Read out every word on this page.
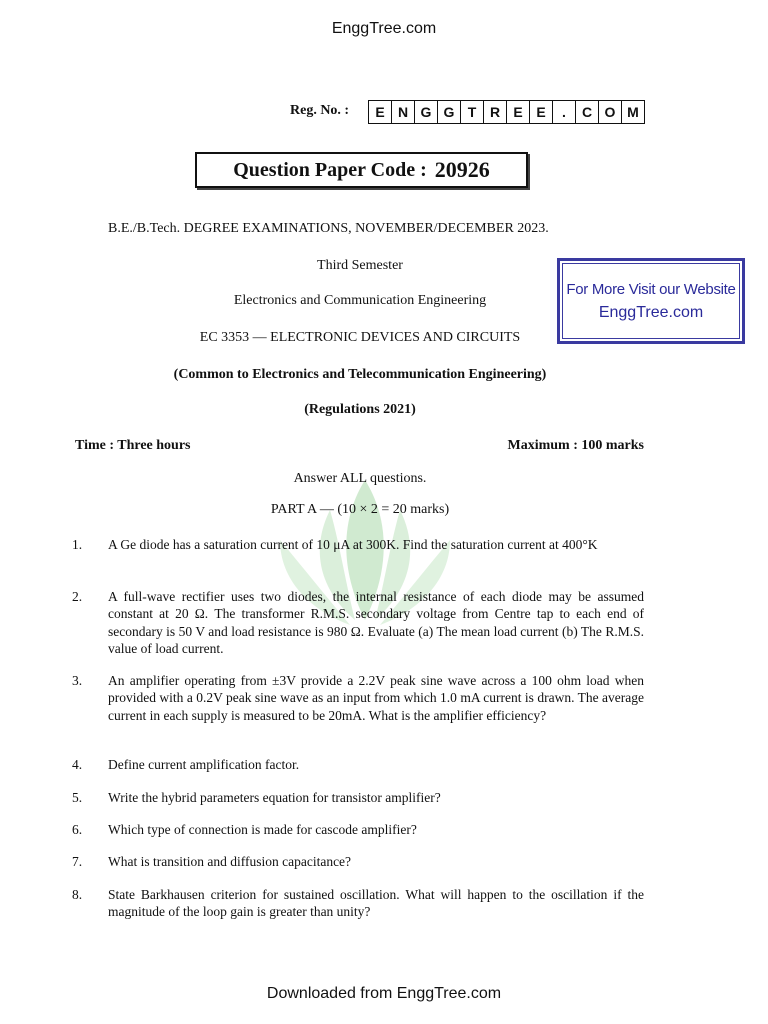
EnggTree.com
Reg. No. :	E N G G T R E E	.	C O M
Question Paper Code : 20926
B.E./B.Tech. DEGREE EXAMINATIONS, NOVEMBER/DECEMBER 2023.
Third Semester
Electronics and Communication Engineering
EC 3353 — ELECTRONIC DEVICES AND CIRCUITS
(Common to Electronics and Telecommunication Engineering)
(Regulations 2021)
For More Visit our Website
EnggTree.com
Time : Three hours	Maximum : 100 marks
Answer ALL questions.
PART A — (10 × 2 = 20 marks)
1.	A Ge diode has a saturation current of 10 μA at 300K. Find the saturation current at 400°K
2.	A full-wave rectifier uses two diodes, the internal resistance of each diode may be assumed constant at 20 Ω. The transformer R.M.S. secondary voltage from Centre tap to each end of secondary is 50 V and load resistance is 980 Ω. Evaluate (a) The mean load current (b) The R.M.S. value of load current.
3.	An amplifier operating from ±3V provide a 2.2V peak sine wave across a 100 ohm load when provided with a 0.2V peak sine wave as an input from which 1.0 mA current is drawn. The average current in each supply is measured to be 20mA. What is the amplifier efficiency?
4.	Define current amplification factor.
5.	Write the hybrid parameters equation for transistor amplifier?
6.	Which type of connection is made for cascode amplifier?
7.	What is transition and diffusion capacitance?
8.	State Barkhausen criterion for sustained oscillation. What will happen to the oscillation if the magnitude of the loop gain is greater than unity?
Downloaded from EnggTree.com
